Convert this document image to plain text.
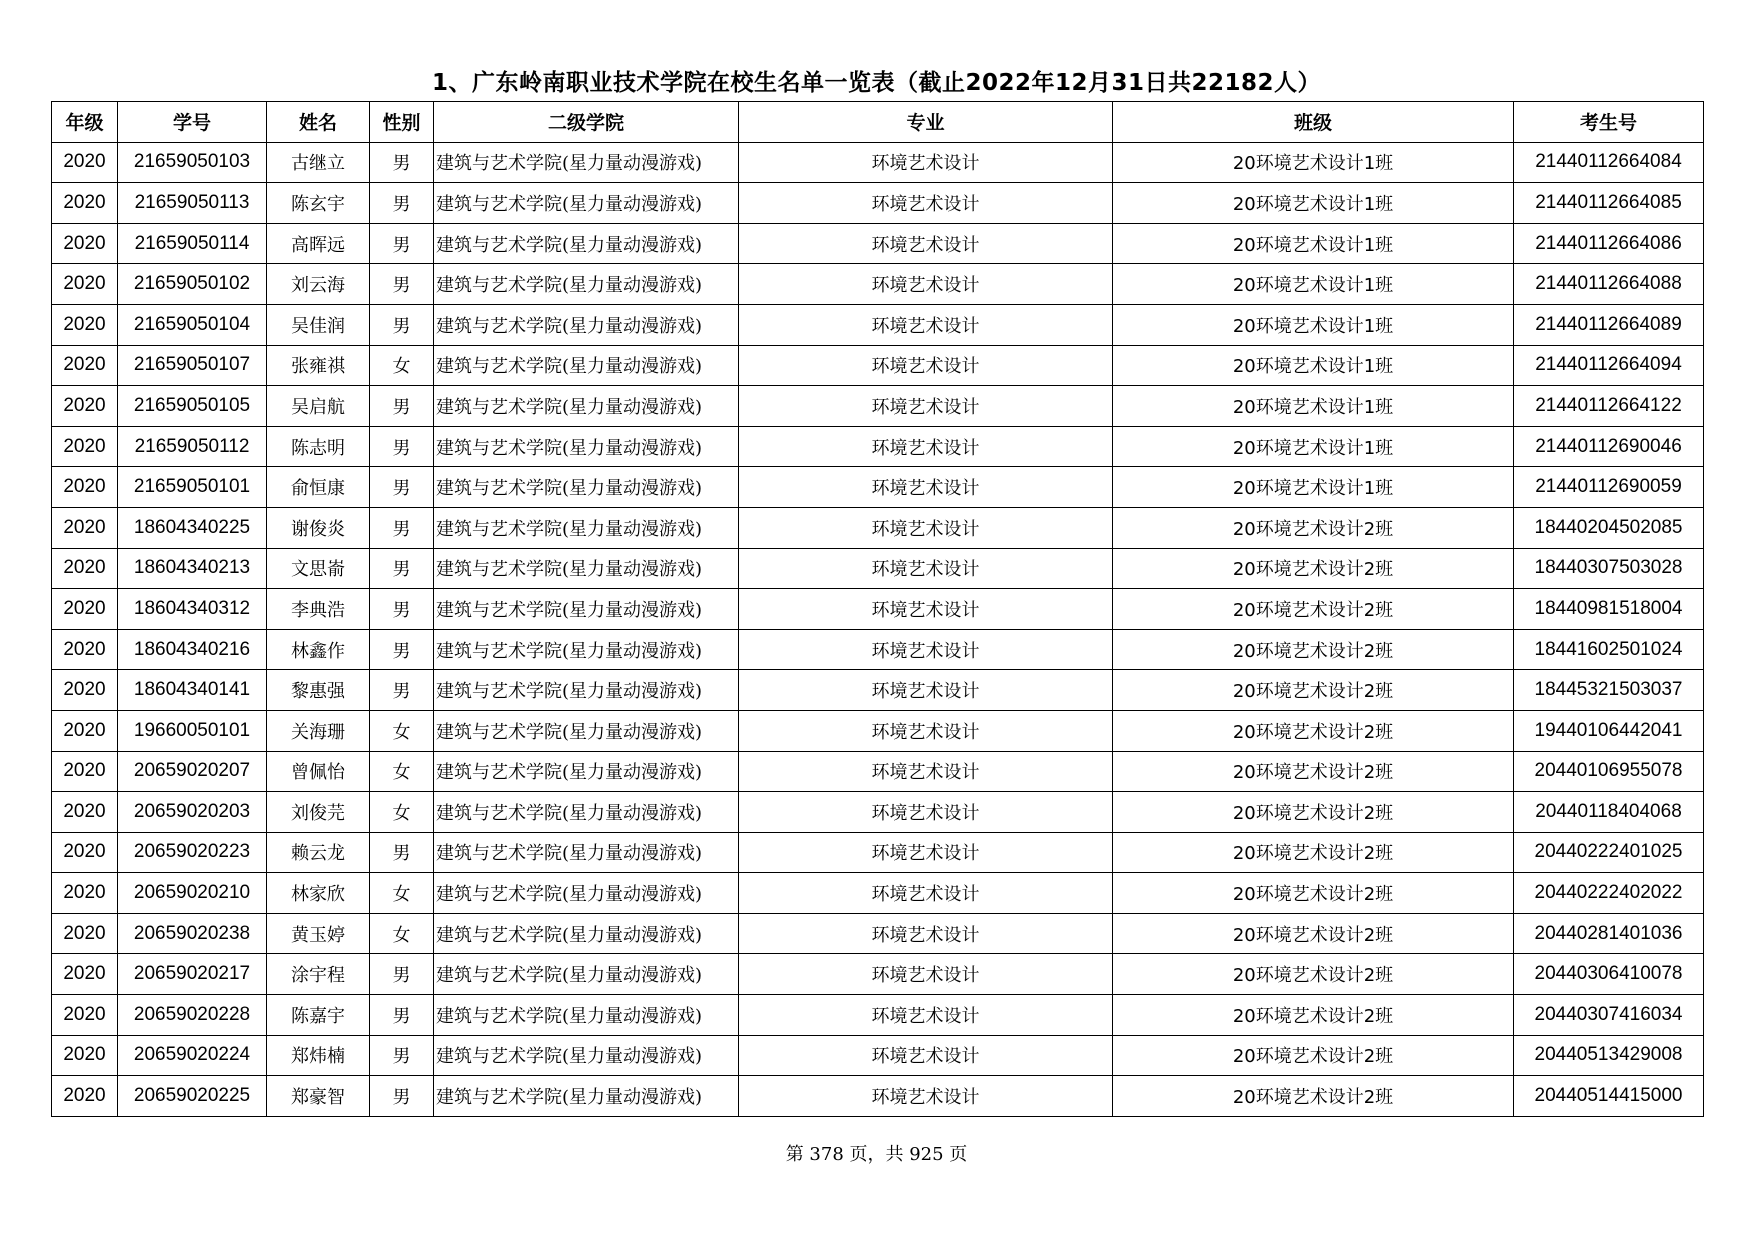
1、广东岭南职业技术学院在校生名单一览表（截止2022年12月31日共22182人）
年级	学号	姓名	性别	二级学院	专业	班级	考生号
2020	21659050103	古继立	男	建筑与艺术学院(星力量动漫游戏)	环境艺术设计	20环境艺术设计1班	21440112664084
2020	21659050113	陈玄宇	男	建筑与艺术学院(星力量动漫游戏)	环境艺术设计	20环境艺术设计1班	21440112664085
2020	21659050114	高晖远	男	建筑与艺术学院(星力量动漫游戏)	环境艺术设计	20环境艺术设计1班	21440112664086
2020	21659050102	刘云海	男	建筑与艺术学院(星力量动漫游戏)	环境艺术设计	20环境艺术设计1班	21440112664088
2020	21659050104	吴佳润	男	建筑与艺术学院(星力量动漫游戏)	环境艺术设计	20环境艺术设计1班	21440112664089
2020	21659050107	张雍祺	女	建筑与艺术学院(星力量动漫游戏)	环境艺术设计	20环境艺术设计1班	21440112664094
2020	21659050105	吴启航	男	建筑与艺术学院(星力量动漫游戏)	环境艺术设计	20环境艺术设计1班	21440112664122
2020	21659050112	陈志明	男	建筑与艺术学院(星力量动漫游戏)	环境艺术设计	20环境艺术设计1班	21440112690046
2020	21659050101	俞恒康	男	建筑与艺术学院(星力量动漫游戏)	环境艺术设计	20环境艺术设计1班	21440112690059
2020	18604340225	谢俊炎	男	建筑与艺术学院(星力量动漫游戏)	环境艺术设计	20环境艺术设计2班	18440204502085
2020	18604340213	文思嵛	男	建筑与艺术学院(星力量动漫游戏)	环境艺术设计	20环境艺术设计2班	18440307503028
2020	18604340312	李典浩	男	建筑与艺术学院(星力量动漫游戏)	环境艺术设计	20环境艺术设计2班	18440981518004
2020	18604340216	林鑫作	男	建筑与艺术学院(星力量动漫游戏)	环境艺术设计	20环境艺术设计2班	18441602501024
2020	18604340141	黎惠强	男	建筑与艺术学院(星力量动漫游戏)	环境艺术设计	20环境艺术设计2班	18445321503037
2020	19660050101	关海珊	女	建筑与艺术学院(星力量动漫游戏)	环境艺术设计	20环境艺术设计2班	19440106442041
2020	20659020207	曾佩怡	女	建筑与艺术学院(星力量动漫游戏)	环境艺术设计	20环境艺术设计2班	20440106955078
2020	20659020203	刘俊芫	女	建筑与艺术学院(星力量动漫游戏)	环境艺术设计	20环境艺术设计2班	20440118404068
2020	20659020223	赖云龙	男	建筑与艺术学院(星力量动漫游戏)	环境艺术设计	20环境艺术设计2班	20440222401025
2020	20659020210	林家欣	女	建筑与艺术学院(星力量动漫游戏)	环境艺术设计	20环境艺术设计2班	20440222402022
2020	20659020238	黄玉婷	女	建筑与艺术学院(星力量动漫游戏)	环境艺术设计	20环境艺术设计2班	20440281401036
2020	20659020217	涂宇程	男	建筑与艺术学院(星力量动漫游戏)	环境艺术设计	20环境艺术设计2班	20440306410078
2020	20659020228	陈嘉宇	男	建筑与艺术学院(星力量动漫游戏)	环境艺术设计	20环境艺术设计2班	20440307416034
2020	20659020224	郑炜楠	男	建筑与艺术学院(星力量动漫游戏)	环境艺术设计	20环境艺术设计2班	20440513429008
2020	20659020225	郑豪智	男	建筑与艺术学院(星力量动漫游戏)	环境艺术设计	20环境艺术设计2班	20440514415000
第 378 页，共 925 页
